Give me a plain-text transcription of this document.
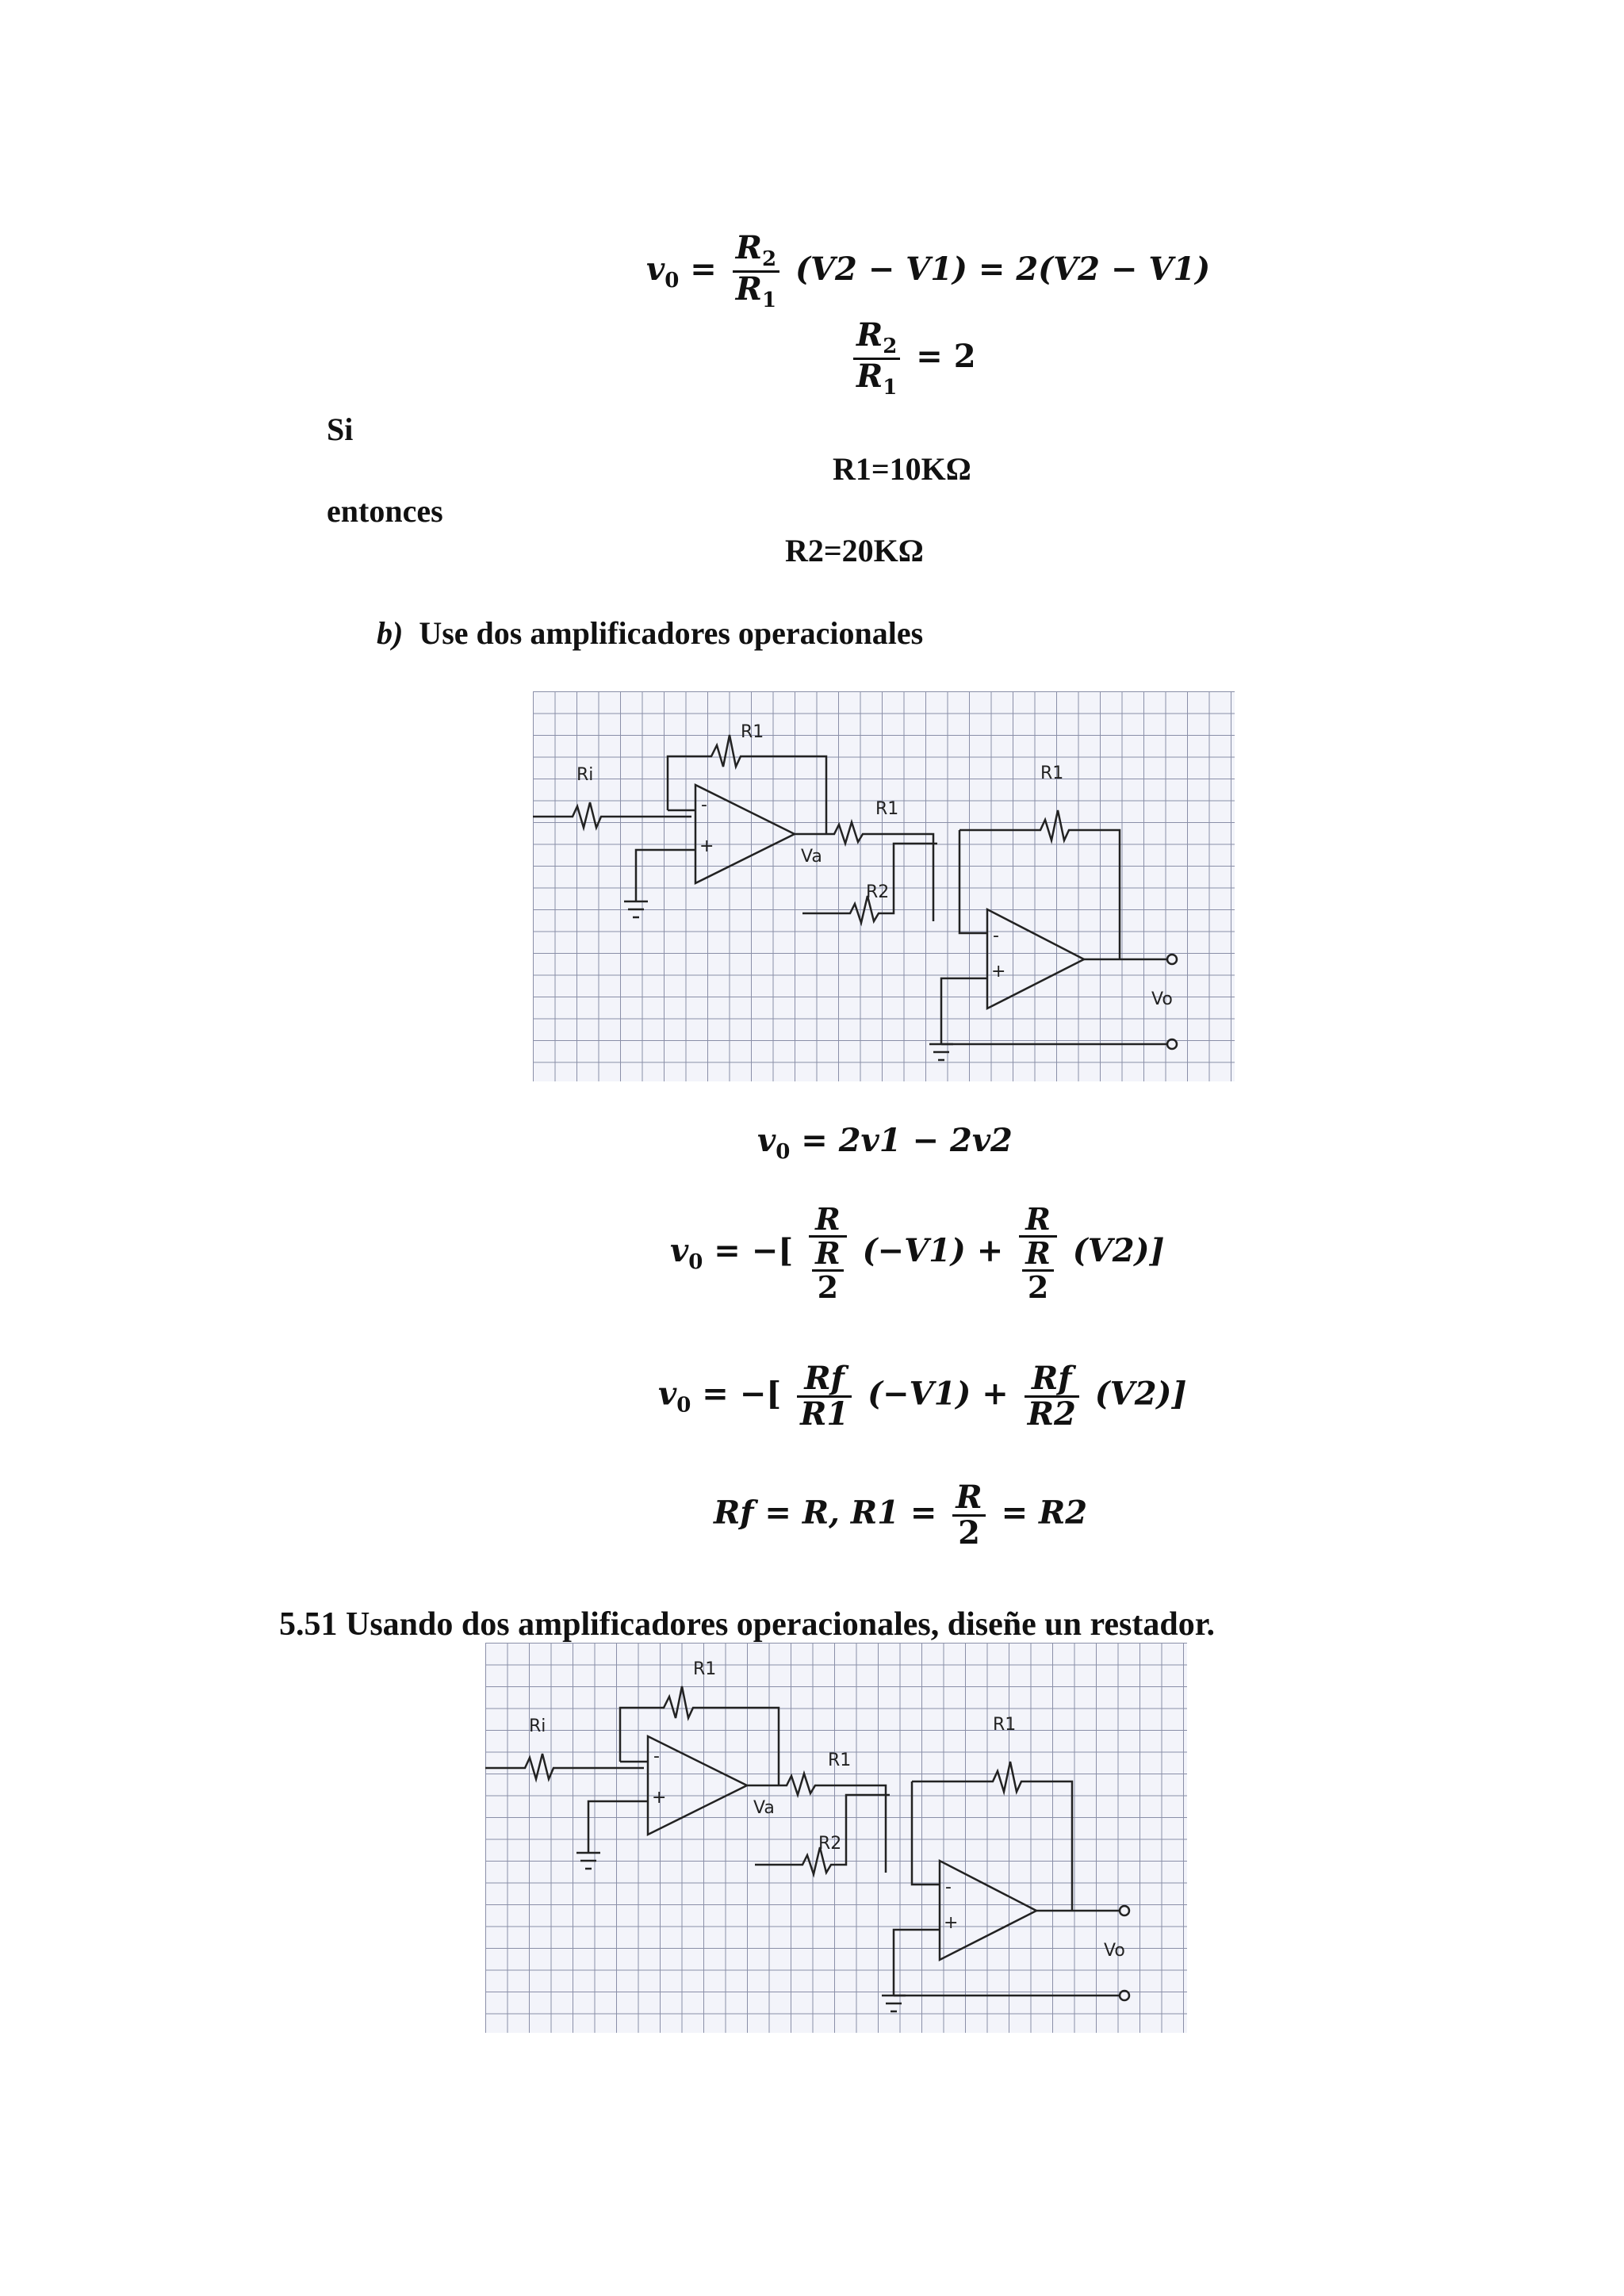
$v_0 = \frac{R_2}{R_1} (V2 - V1) = 2(V2 - V1)$
$\frac{R_2}{R_1} = 2$
Si
entonces
R1=10KΩ
R2=20KΩ
b) Use dos amplificadores operacionales
R1
Ri
R1
R1
R2
Va
Vo
-
+
-
+
$v_0 = 2v1 - 2v2$
$v_0$ = −[ $\frac{R}{\frac{R}{2}} (-V1) + \frac{R}{\frac{R}{2}} (V2)$]
$v_0$ = −[ $\frac{Rf}{R1} (-V1) + \frac{Rf}{R2} (V2)$]
Rf = R, $R1 = \frac{R}{2} = R2$
5.51 Usando dos amplificadores operacionales, diseñe un restador.
R1
Ri
R1
R1
R2
Va
Vo
-
+
-
+
